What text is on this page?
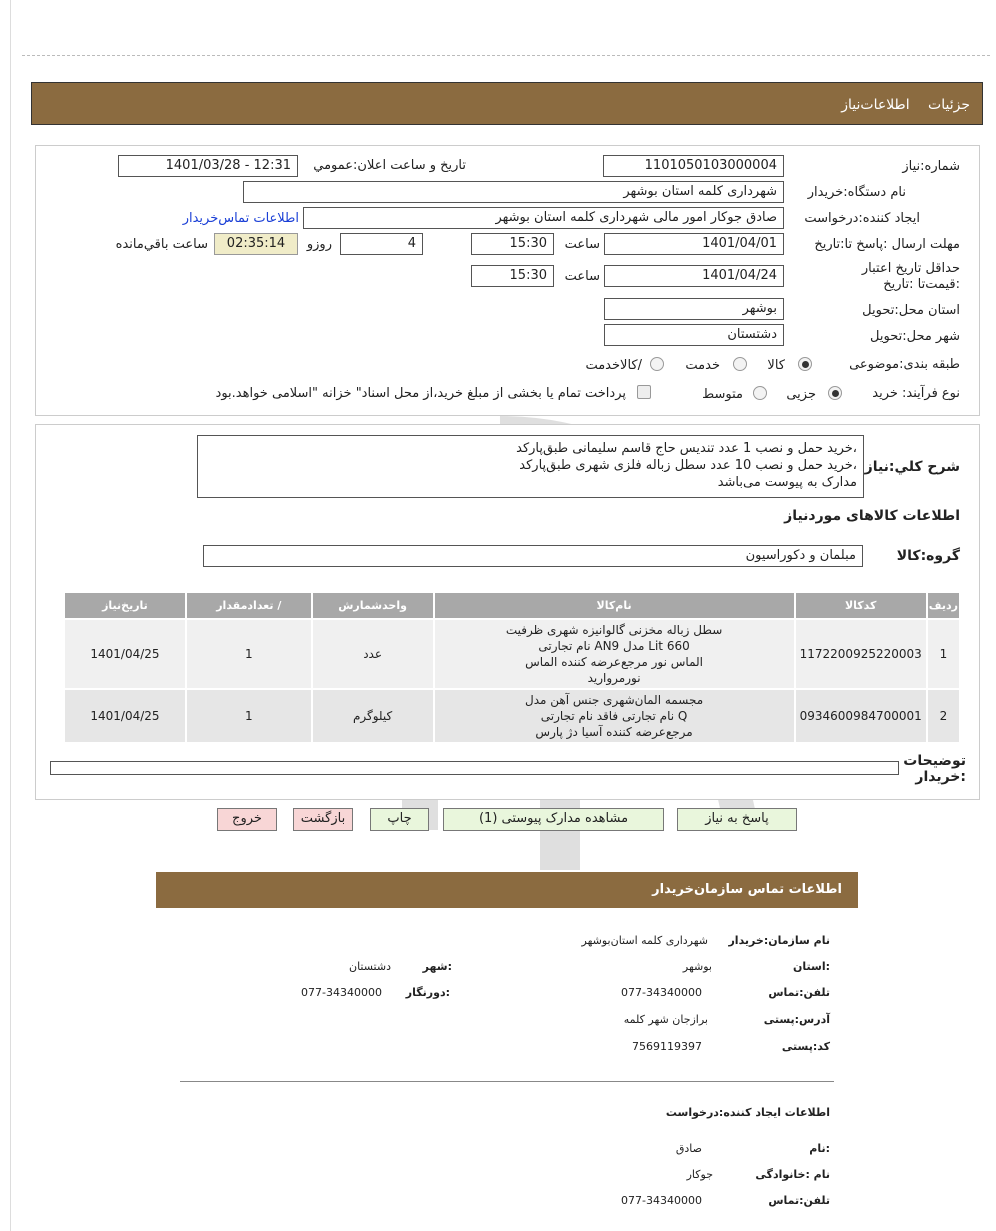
جزئیات اطلاعات‌نیاز
شماره:نیاز
1101050103000004
تاریخ و ساعت اعلان:عمومي
1401/03/28 - 12:31
نام دستگاه:خريدار
شهرداری کلمه استان بوشهر
ایجاد کننده:درخواست
صادق جوکار امور مالی شهرداری کلمه استان بوشهر
اطلاعات تماس‌خریدار
مهلت ارسال :پاسخ تا:تاریخ
1401/04/01
ساعت
15:30
4
روزو
02:35:14
ساعت باقي‌مانده
حداقل تاریخ اعتبار :قیمت‌تا :تاریخ
1401/04/24
ساعت
15:30
استان محل:تحویل
بوشهر
شهر محل:تحویل
دشتستان
طبقه بندی:موضوعی
کالا
خدمت
/کالاخدمت
نوع فرآیند: خرید
جزیی
متوسط
پرداخت تمام یا بخشی از مبلغ خرید،از محل اسناد" خزانه "اسلامی خواهد.بود
شرح کلي:نیاز
،خرید حمل و نصب 1 عدد تندیس حاج قاسم سلیمانی طبق‌پارکد
،خرید حمل و نصب 10 عدد سطل زباله فلزی شهری طبق‌پارکد
مدارک به پیوست می‌باشد
اطلاعات کالاهای موردنیاز
گروه:کالا
مبلمان و دکوراسیون
ردیف	کدکالا	نام‌کالا	واحدشمارش	/ تعدادمقدار	تاریخ‌نیاز
1	1172200925220003	سطل زباله مخزنی گالوانیزه شهری ظرفیت
660 Lit مدل AN9 نام تجارتی
الماس نور مرجع‌عرضه کننده الماس
نورمروارید	عدد	1	1401/04/25
2	0934600984700001	مجسمه المان‌شهری جنس آهن مدل
Q نام تجارتی فاقد نام تجارتی
مرجع‌عرضه کننده آسیا دژ پارس	کیلوگرم	1	1401/04/25
توضیحات :خریدار
پاسخ به نیاز
مشاهده مدارک پیوستی (1)
چاپ
بازگشت
خروج
اطلاعات تماس سازمان‌خریدار
نام سازمان:خریدار
شهرداری کلمه استان‌بوشهر
:استان
بوشهر
:شهر
دشتستان
تلفن:تماس
077-34340000
:دورنگار
077-34340000
آدرس:پستی
برازجان شهر کلمه
کد:پستی
7569119397
اطلاعات ایجاد کننده:درخواست
:نام
صادق
نام :خانوادگی
جوکار
تلفن:تماس
077-34340000
